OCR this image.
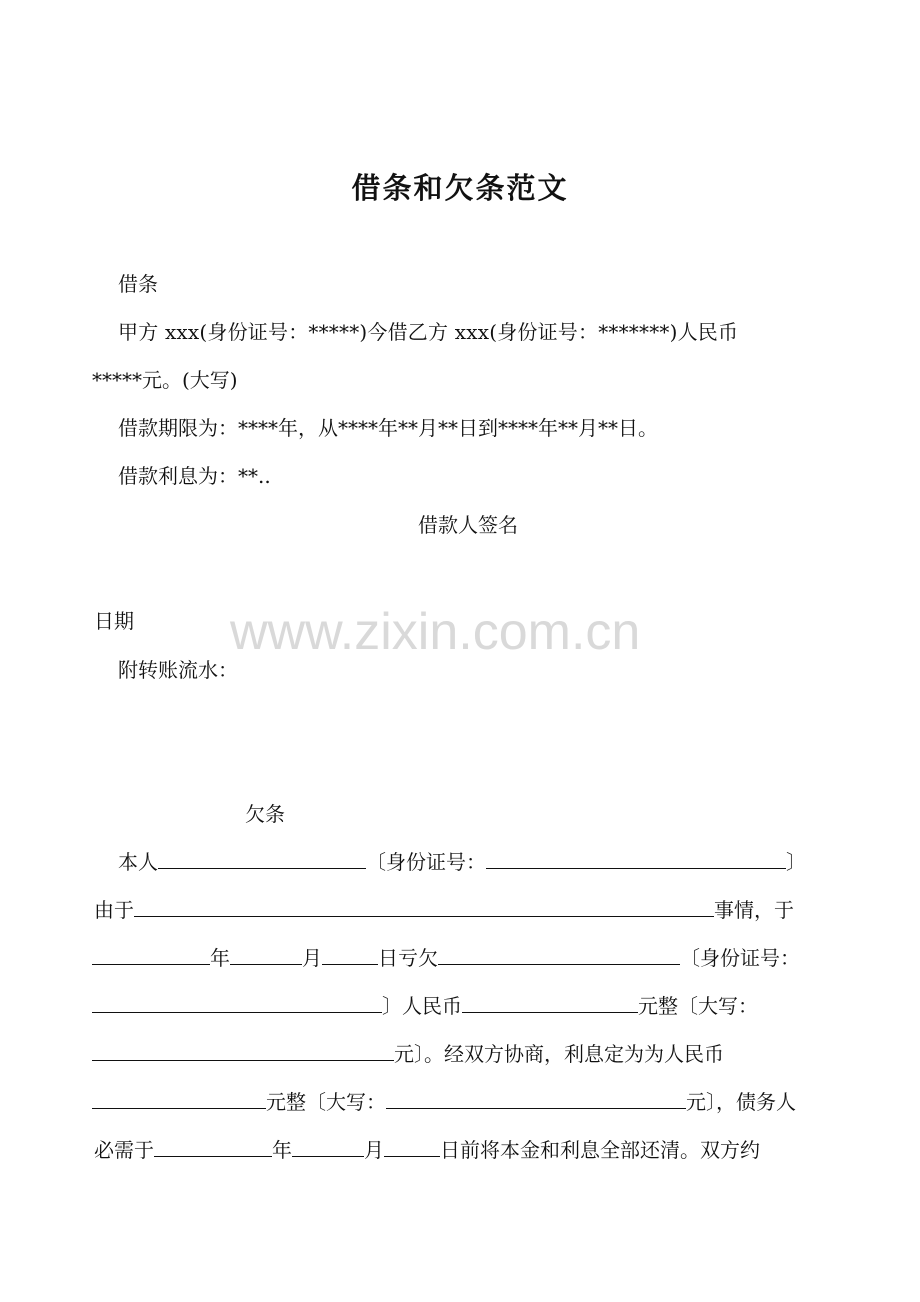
借条和欠条范文
www.zixin.com.cn
借条
甲方 xxx(身份证号：*****)今借乙方 xxx(身份证号：*******)人民币
*****元。(大写)
借款期限为：****年，从****年**月**日到****年**月**日。
借款利息为：**..
借款人签名
日期
附转账流水：
欠条
本人	〔身份证号：	〕
由于	事情，于
年	月	日亏欠	〔身份证号：
〕人民币	元整〔大写：
元〕。经双方协商，利息定为为人民币
元整〔大写：	元〕，债务人
必需于	年	月	日前将本金和利息全部还清。双方约
